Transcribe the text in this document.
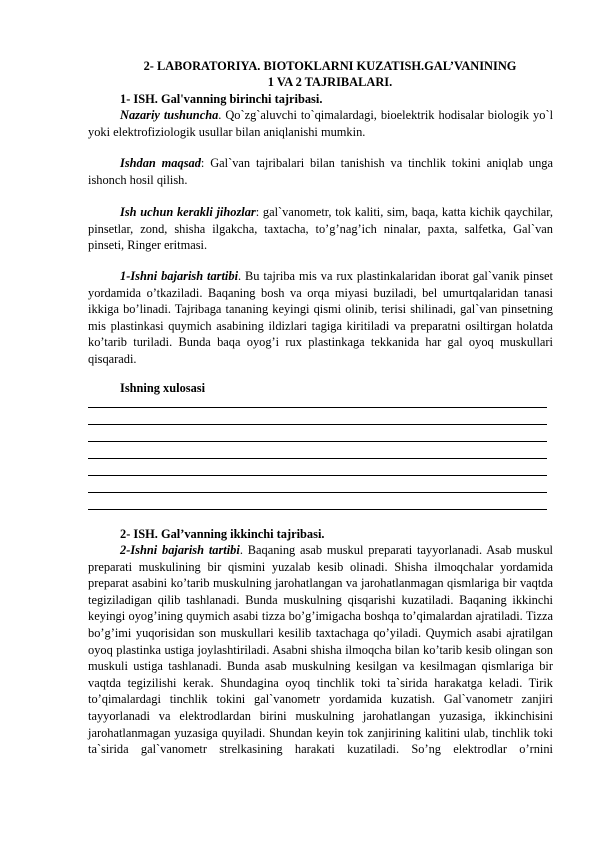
2- LABORATORIYA. BIOTOKLARNI KUZATISH.GAL’VANINING
1 VA 2 TAJRIBALARI.
1- ISH. Gal'vanning birinchi tajribasi.
Nazariy tushuncha. Qo`zg`aluvchi to`qimalardagi, bioelektrik hodisalar biologik yo`l yoki elektrofiziologik usullar bilan aniqlanishi mumkin.
Ishdan maqsad: Gal`van tajribalari bilan tanishish va tinchlik tokini aniqlab unga ishonch hosil qilish.
Ish uchun kerakli jihozlar: gal`vanometr, tok kaliti, sim, baqa, katta kichik qaychilar, pinsetlar, zond, shisha ilgakcha, taxtacha, to’g’nag’ich ninalar, paxta, salfetka, Gal`van pinseti, Ringer eritmasi.
1-Ishni bajarish tartibi. Bu tajriba mis va rux plastinkalaridan iborat gal`vanik pinset yordamida o’tkaziladi. Baqaning bosh va orqa miyasi buziladi, bel umurtqalaridan tanasi ikkiga bo’linadi. Tajribaga tananing keyingi qismi olinib, terisi shilinadi, gal`van pinsetning mis plastinkasi quymich asabining ildizlari tagiga kiritiladi va preparatni osiltirgan holatda ko’tarib turiladi. Bunda baqa oyog’i rux plastinkaga tekkanida har gal oyoq muskullari qisqaradi.
Ishning xulosasi
2- ISH. Gal’vanning ikkinchi tajribasi.
2-Ishni bajarish tartibi. Baqaning asab muskul preparati tayyorlanadi. Asab muskul preparati muskulining bir qismini yuzalab kesib olinadi. Shisha ilmoqchalar yordamida preparat asabini ko’tarib muskulning jarohatlangan va jarohatlanmagan qismlariga bir vaqtda tegiziladigan qilib tashlanadi. Bunda muskulning qisqarishi kuzatiladi. Baqaning ikkinchi keyingi oyog’ining quymich asabi tizza bo’g’imigacha boshqa to’qimalardan ajratiladi. Tizza bo’g’imi yuqorisidan son muskullari kesilib taxtachaga qo’yiladi. Quymich asabi ajratilgan oyoq plastinka ustiga joylashtiriladi. Asabni shisha ilmoqcha bilan ko’tarib kesib olingan son muskuli ustiga tashlanadi. Bunda asab muskulning kesilgan va kesilmagan qismlariga bir vaqtda tegizilishi kerak. Shundagina oyoq tinchlik toki ta`sirida harakatga keladi. Tirik to’qimalardagi tinchlik tokini gal`vanometr yordamida kuzatish. Gal`vanometr zanjiri tayyorlanadi va elektrodlardan birini muskulning jarohatlangan yuzasiga, ikkinchisini jarohatlanmagan yuzasiga quyiladi. Shundan keyin tok zanjirining kalitini ulab, tinchlik toki ta`sirida gal`vanometr strelkasining harakati kuzatiladi. So’ng elektrodlar o’rnini
